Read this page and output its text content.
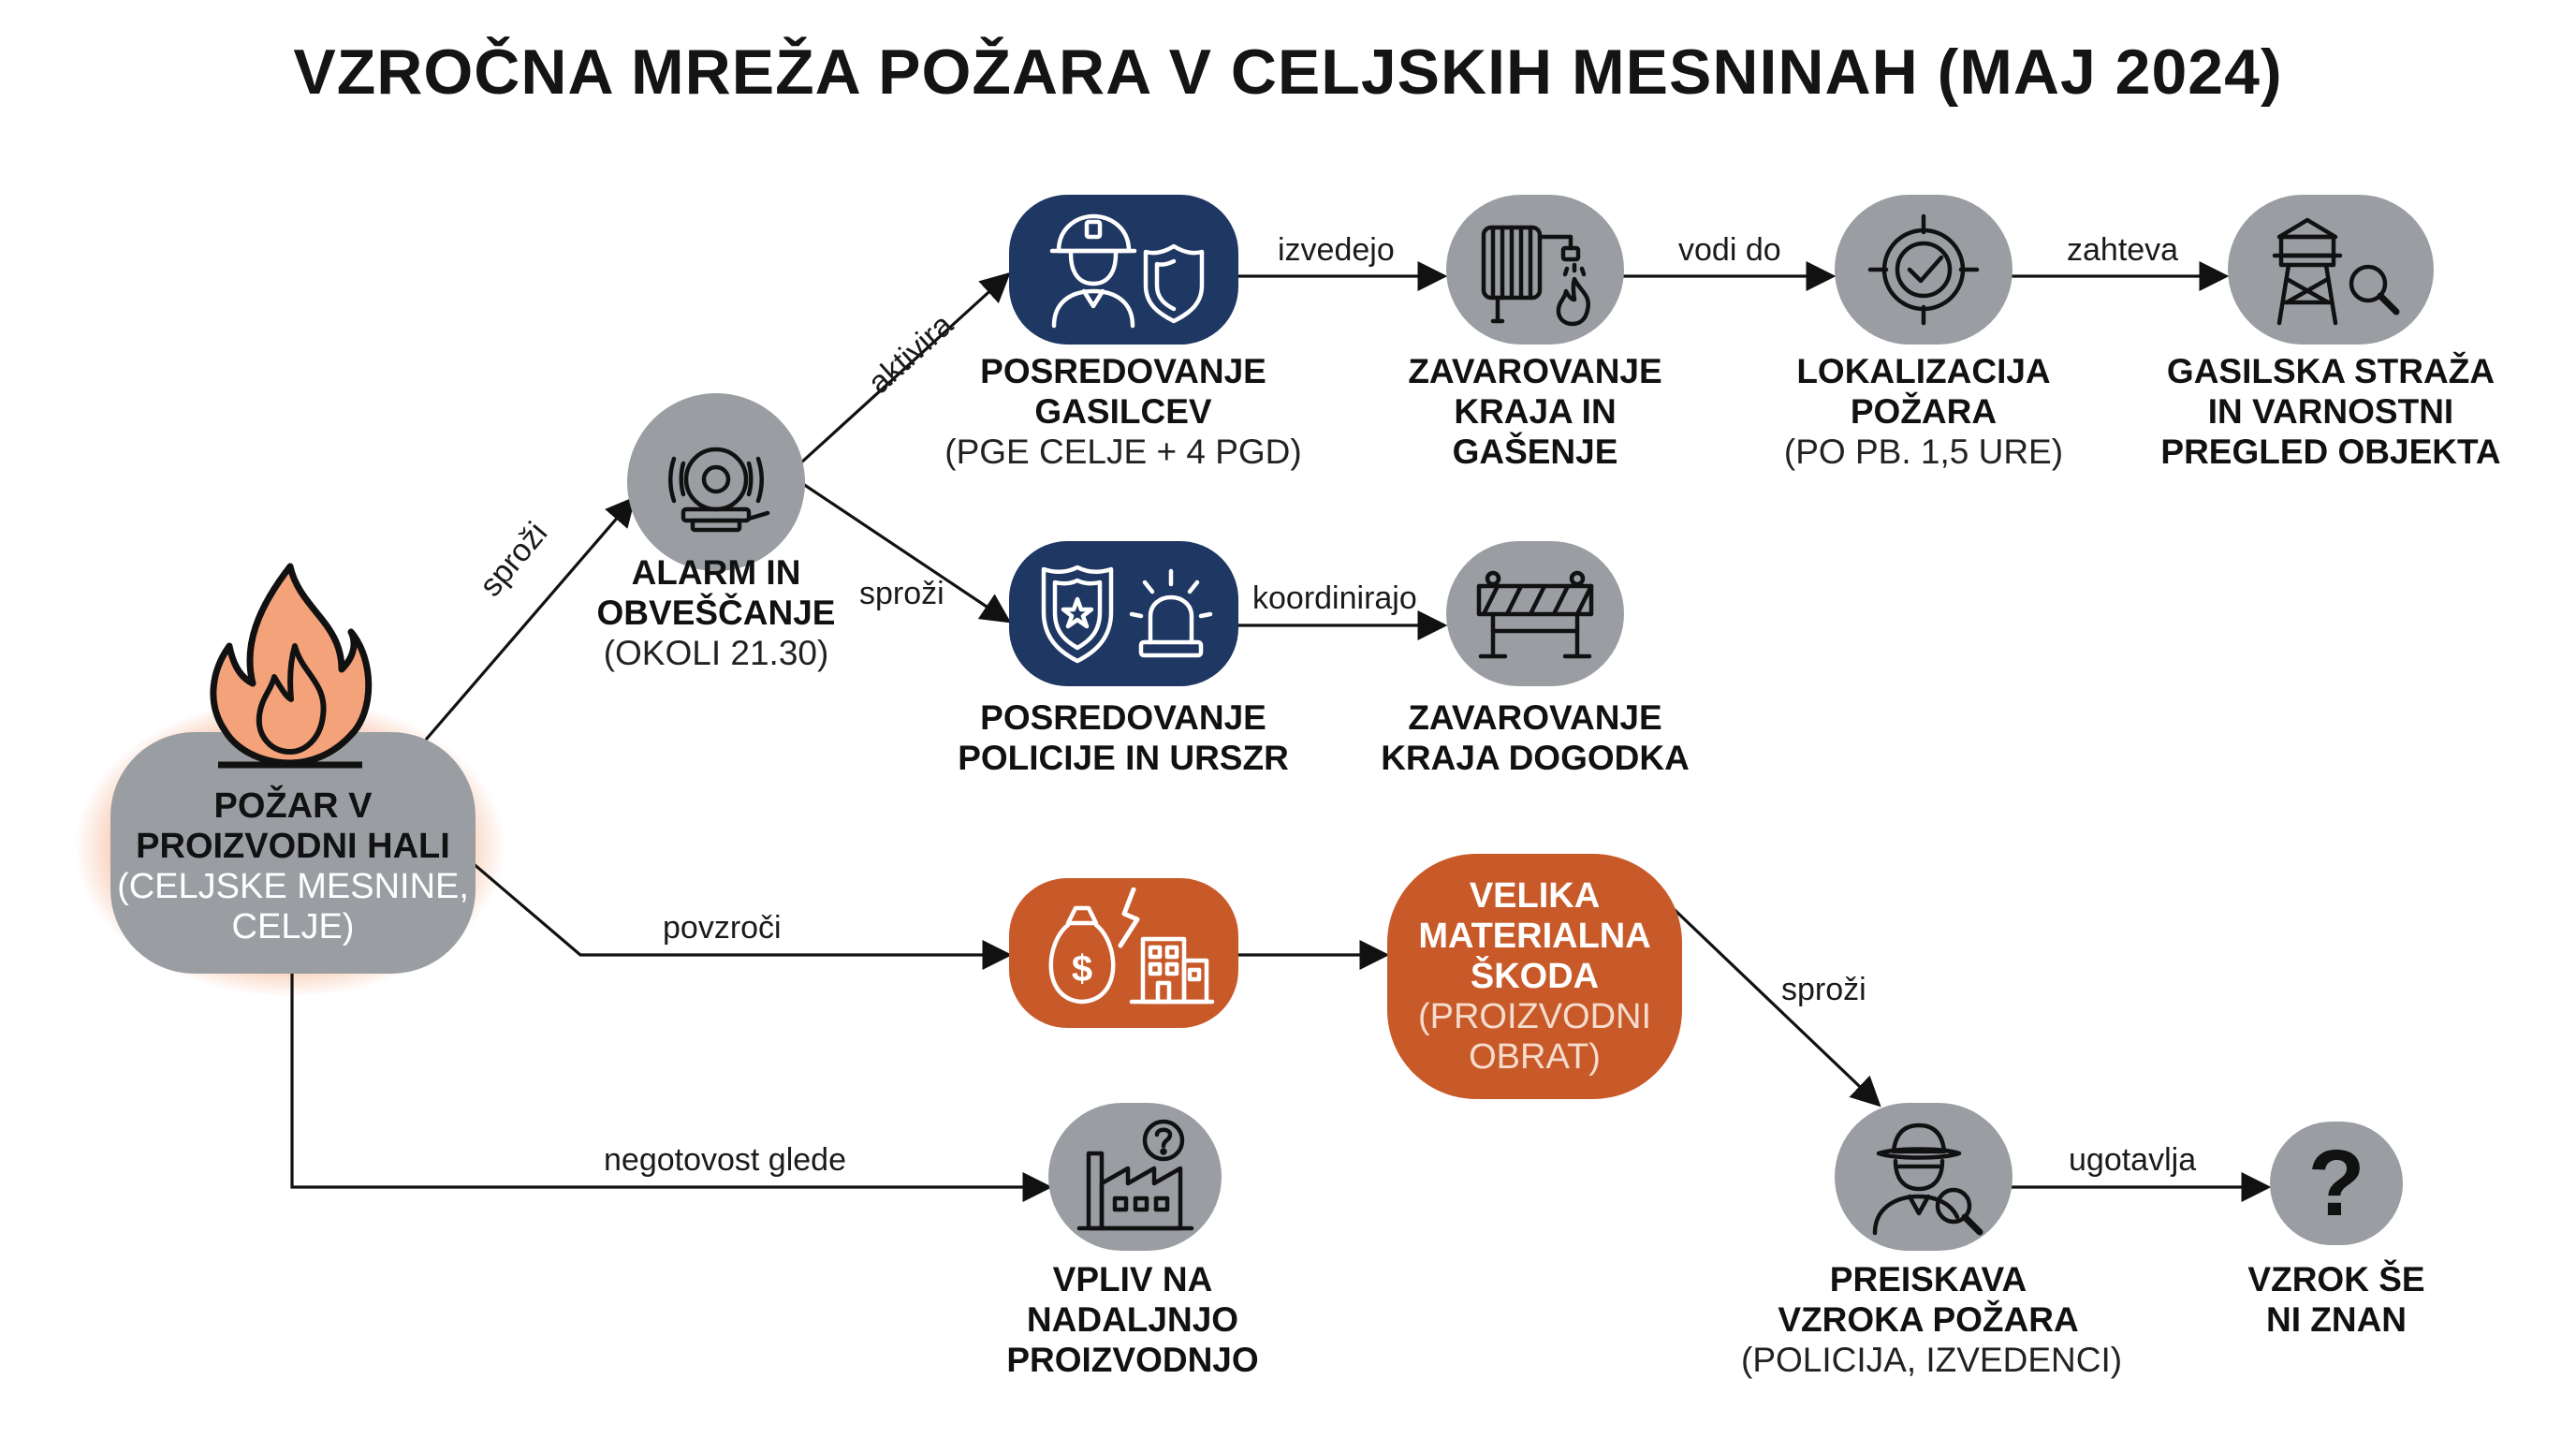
VZROČNA MREŽA POŽARA V CELJSKIH MESNINAH (MAJ 2024)
sproži
aktivira
sproži
izvedejo	vodi do	zahteva
koordinirajo
povzroči
sproži
ugotavlja
negotovost glede
POŽAR V
PROIZVODNI HALI
(CELJSKE MESNINE,
CELJE)
ALARM IN
OBVEŠČANJE
(OKOLI 21.30)
POSREDOVANJE
GASILCEV
(PGE CELJE + 4 PGD)
ZAVAROVANJE
KRAJA IN
GAŠENJE
LOKALIZACIJA
POŽARA
(PO PB. 1,5 URE)
GASILSKA STRAŽA
IN VARNOSTNI
PREGLED OBJEKTA
POSREDOVANJE
POLICIJE IN URSZR
ZAVAROVANJE
KRAJA DOGODKA
$
VELIKA
MATERIALNA
ŠKODA
(PROIZVODNI
OBRAT)
VPLIV NA
NADALJNJO
PROIZVODNJO
PREISKAVA
VZROKA POŽARA
(POLICIJA, IZVEDENCI)
?
VZROK ŠE
NI ZNAN
